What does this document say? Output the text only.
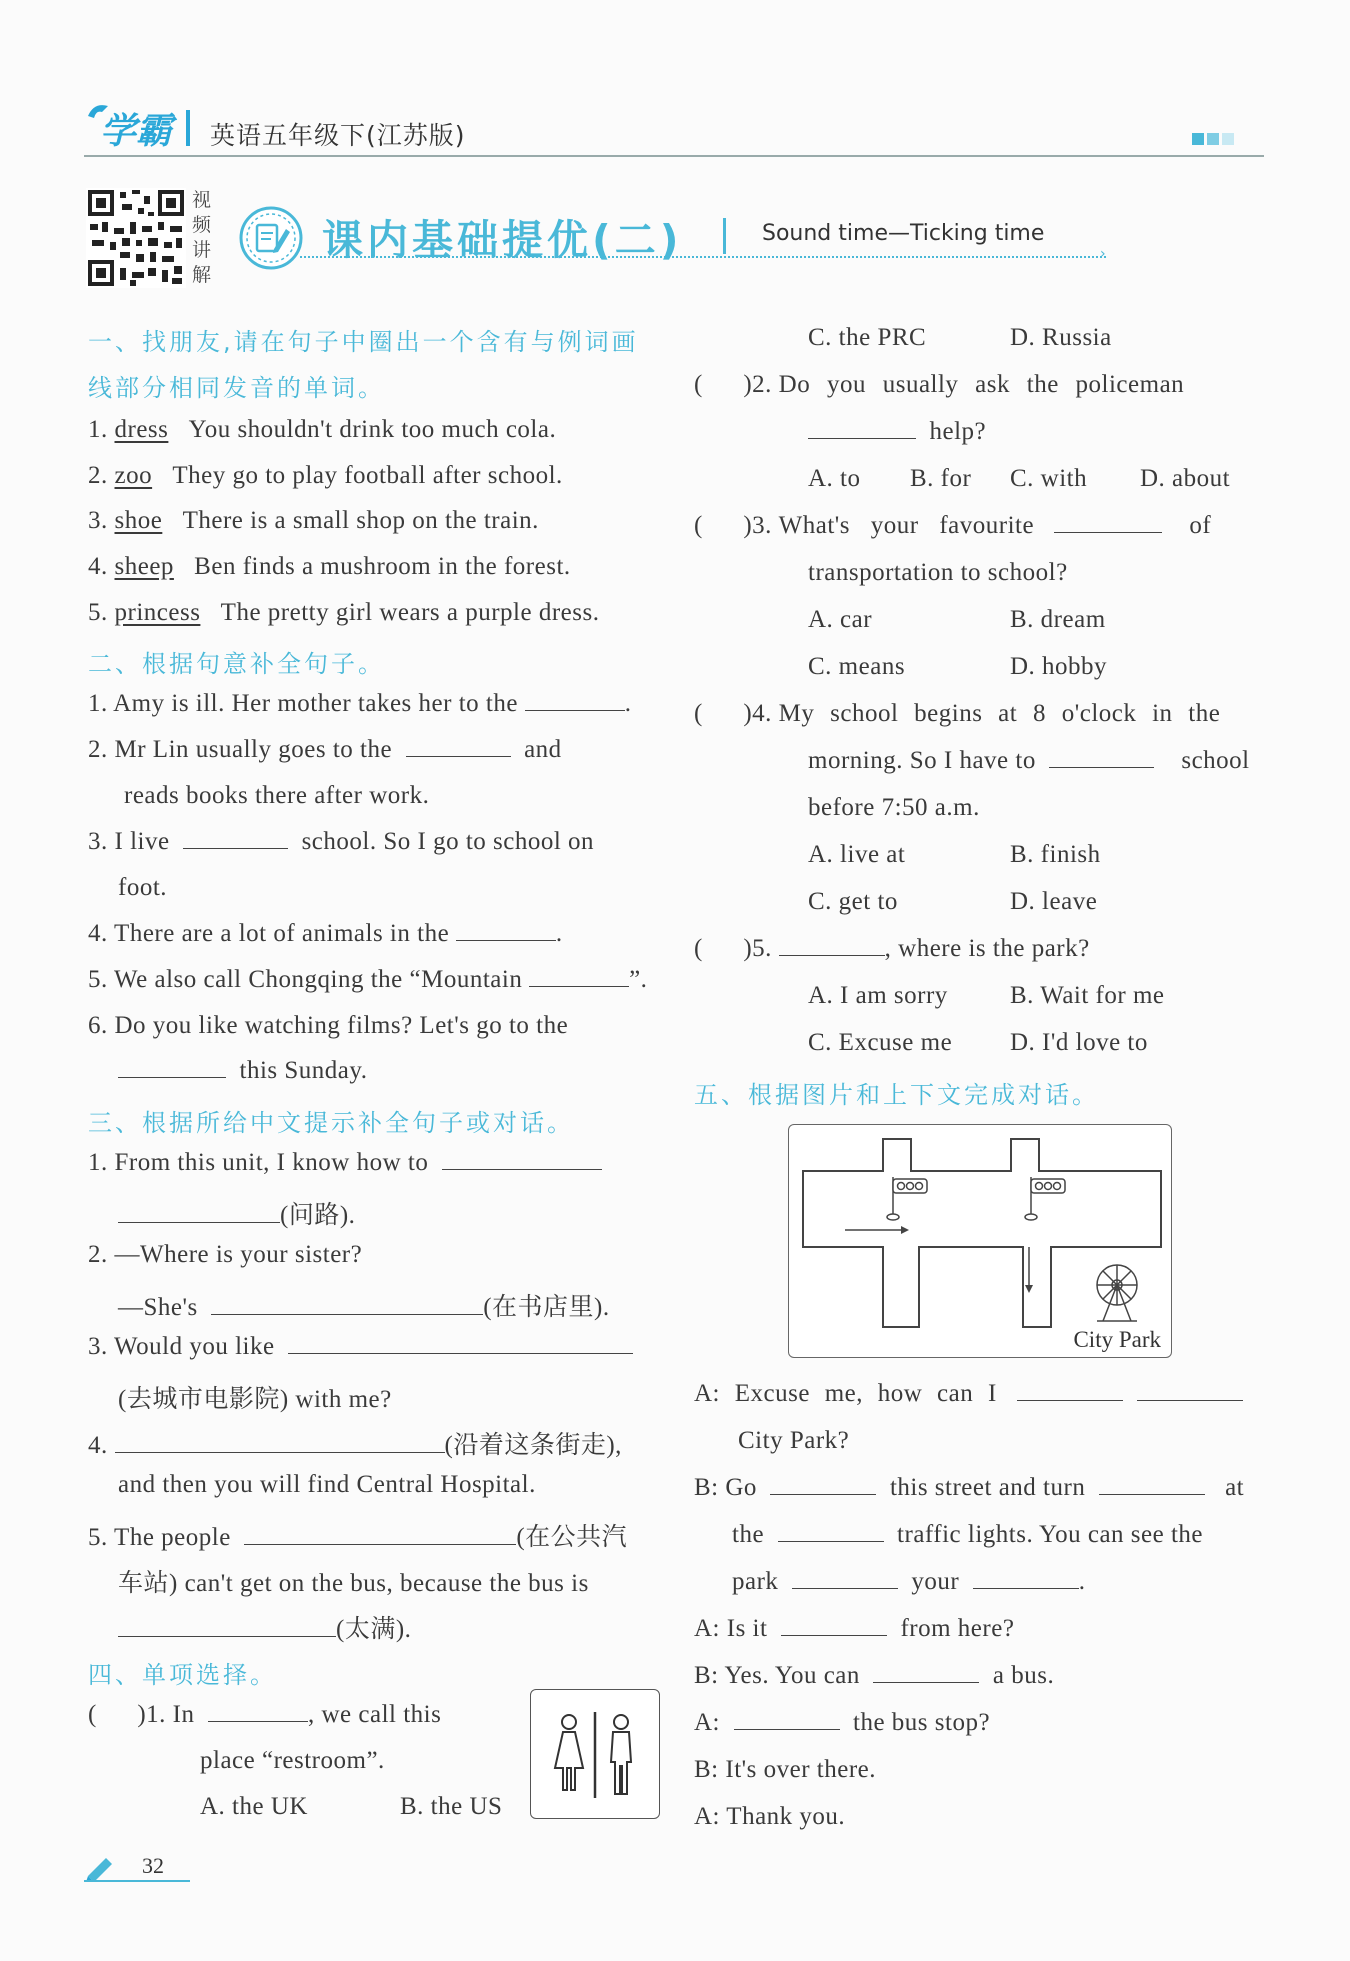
学霸 英语五年级下(江苏版)
视
频
讲
解
课内基础提优(二)	Sound time—Ticking time
›
一、找朋友,请在句子中圈出一个含有与例词画
线部分相同发音的单词。
1. dress You shouldn't drink too much cola.
2. zoo They go to play football after school.
3. shoe There is a small shop on the train.
4. sheep Ben finds a mushroom in the forest.
5. princess The pretty girl wears a purple dress.
二、根据句意补全句子。
1. Amy is ill. Her mother takes her to the	.
2. Mr Lin usually goes to the	and
reads books there after work.
3. I live	school. So I go to school on
foot.
4. There are a lot of animals in the	.
5. We also call Chongqing the “Mountain	”.
6. Do you like watching films? Let's go to the
this Sunday.
三、根据所给中文提示补全句子或对话。
1. From this unit, I know how to
(问路).
2. —Where is your sister?
—She's	(在书店里).
3. Would you like
(去城市电影院) with me?
4.	(沿着这条街走),
and then you will find Central Hospital.
5. The people	(在公共汽
车站) can't get on the bus, because the bus is
(太满).
四、单项选择。
( )1. In	, we call this
place “restroom”.
A. the UK	B. the US
C. the PRC	D. Russia
( )2. Do you usually ask the policeman
help?
A. to B. for C. with D. about
( )3. What's your favourite	of
transportation to school?
A. car	B. dream
C. means	D. hobby
( )4. My school begins at 8 o'clock in the
morning. So I have to	school
before 7:50 a.m.
A. live at	B. finish
C. get to	D. leave
( )5.	, where is the park?
A. I am sorry B. Wait for me
C. Excuse me D. I'd love to
五、根据图片和上下文完成对话。
City Park
A: Excuse me, how can I
City Park?
B: Go	this street and turn	at
the	traffic lights. You can see the
park	your	.
A: Is it	from here?
B: Yes. You can	a bus.
A:	the bus stop?
B: It's over there.
A: Thank you.
32
